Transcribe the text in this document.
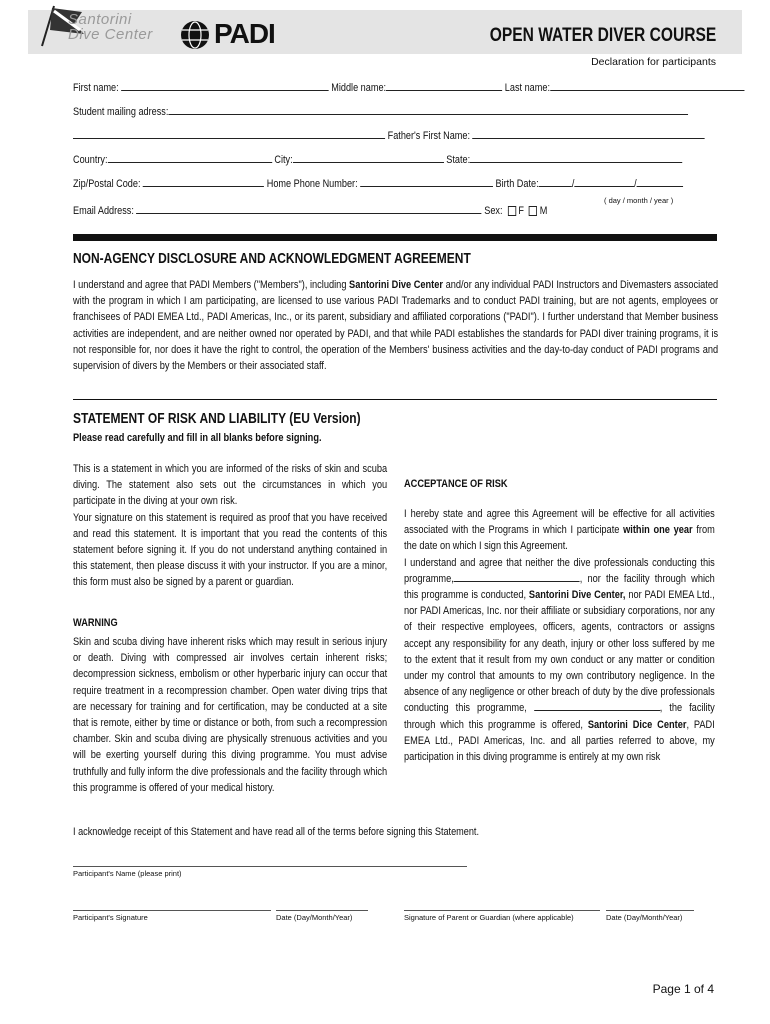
Santorini
Dive Center PADI	OPEN WATER DIVER COURSE
Declaration for participants
First name:	Middle name:	Last name:
Student mailing adress:
Father's First Name:
Country:	City:	State:
Zip/Postal Code:	Home Phone Number:	Birth Date:	/	/
( day / month / year )
Email Address:	Sex: F M
NON-AGENCY DISCLOSURE AND ACKNOWLEDGMENT AGREEMENT
I understand and agree that PADI Members ("Members"), including Santorini Dive Center and/or any individual PADI Instructors and Divemasters associated with the program in which I am participating, are licensed to use various PADI Trademarks and to conduct PADI training, but are not agents, employees or franchisees of PADI EMEA Ltd., PADI Americas, Inc., or its parent, subsidiary and affiliated corporations ("PADI"). I further understand that Member business activities are independent, and are neither owned nor operated by PADI, and that while PADI establishes the standards for PADI diver training programs, it is not responsible for, nor does it have the right to control, the operation of the Members' business activities and the day-to-day conduct of PADI programs and supervision of divers by the Members or their associated staff.
STATEMENT OF RISK AND LIABILITY (EU Version)
Please read carefully and fill in all blanks before signing.
This is a statement in which you are informed of the risks of skin and scuba diving. The statement also sets out the circumstances in which you participate in the diving at your own risk.
Your signature on this statement is required as proof that you have received and read this statement. It is important that you read the contents of this statement before signing it. If you do not understand anything contained in this statement, then please discuss it with your instructor. If you are a minor, this form must also be signed by a parent or guardian.
WARNING
Skin and scuba diving have inherent risks which may result in serious injury or death. Diving with compressed air involves certain inherent risks; decompression sickness, embolism or other hyperbaric injury can occur that require treatment in a recompression chamber. Open water diving trips that are necessary for training and for certification, may be conducted at a site that is remote, either by time or distance or both, from such a recompression chamber. Skin and scuba diving are physically strenuous activities and you will be exerting yourself during this diving programme. You must advise truthfully and fully inform the dive professionals and the facility through which this programme is offered of your medical history.
ACCEPTANCE OF RISK
I hereby state and agree this Agreement will be effective for all activities associated with the Programs in which I participate within one year from the date on which I sign this Agreement.
I understand and agree that neither the dive professionals conducting this programme,	, nor the facility through which this programme is conducted, Santorini Dive Center, nor PADI EMEA Ltd., nor PADI Americas, Inc. nor their affiliate or subsidiary corporations, nor any of their respective employees, officers, agents, contractors or assigns accept any responsibility for any death, injury or other loss suffered by me to the extent that it result from my own conduct or any matter or condition under my control that amounts to my own contributory negligence. In the absence of any negligence or other breach of duty by the dive professionals conducting this programme,	, the facility through which this programme is offered, Santorini Dice Center, PADI EMEA Ltd., PADI Americas, Inc. and all parties referred to above, my participation in this diving programme is entirely at my own risk
I acknowledge receipt of this Statement and have read all of the terms before signing this Statement.
Participant's Name (please print)
Participant's Signature	Date (Day/Month/Year)	Signature of Parent or Guardian (where applicable)	Date (Day/Month/Year)
Page 1 of 4
